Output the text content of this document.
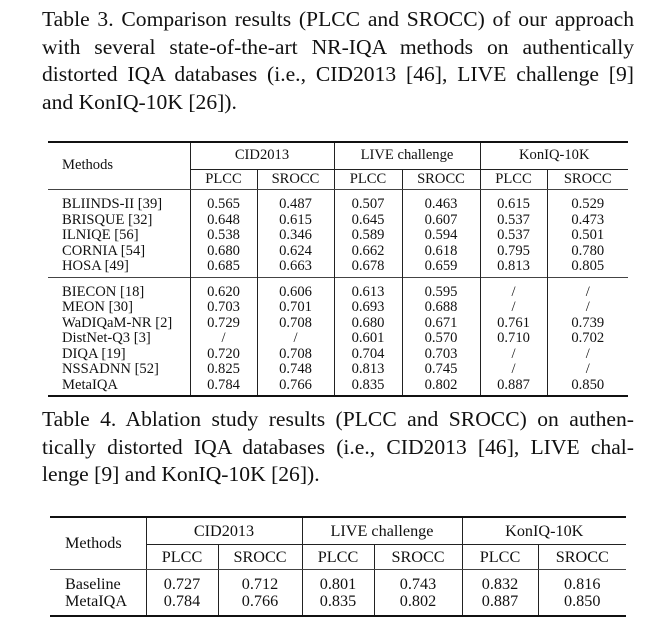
Table 3. Comparison results (PLCC and SROCC) of our approach with several state-of-the-art NR-IQA methods on authentically distorted IQA databases (i.e., CID2013 [46], LIVE challenge [9] and KonIQ-10K [26]).
Methods	CID2013		LIVE challenge		KonIQ-10K	
	PLCC	SROCC	PLCC	SROCC	PLCC	SROCC
BLIINDS-II [39]	0.565	0.487	0.507	0.463	0.615	0.529
BRISQUE [32]	0.648	0.615	0.645	0.607	0.537	0.473
ILNIQE [56]	0.538	0.346	0.589	0.594	0.537	0.501
CORNIA [54]	0.680	0.624	0.662	0.618	0.795	0.780
HOSA [49]	0.685	0.663	0.678	0.659	0.813	0.805
BIECON [18]	0.620	0.606	0.613	0.595	/	/
MEON [30]	0.703	0.701	0.693	0.688	/	/
WaDIQaM-NR [2]	0.729	0.708	0.680	0.671	0.761	0.739
DistNet-Q3 [3]	/	/	0.601	0.570	0.710	0.702
DIQA [19]	0.720	0.708	0.704	0.703	/	/
NSSADNN [52]	0.825	0.748	0.813	0.745	/	/
MetaIQA	0.784	0.766	0.835	0.802	0.887	0.850
Table 4. Ablation study results (PLCC and SROCC) on authen-
tically distorted IQA databases (i.e., CID2013 [46], LIVE chal-
lenge [9] and KonIQ-10K [26]).
Methods	CID2013		LIVE challenge		KonIQ-10K	
	PLCC	SROCC	PLCC	SROCC	PLCC	SROCC
Baseline	0.727	0.712	0.801	0.743	0.832	0.816
MetaIQA	0.784	0.766	0.835	0.802	0.887	0.850
